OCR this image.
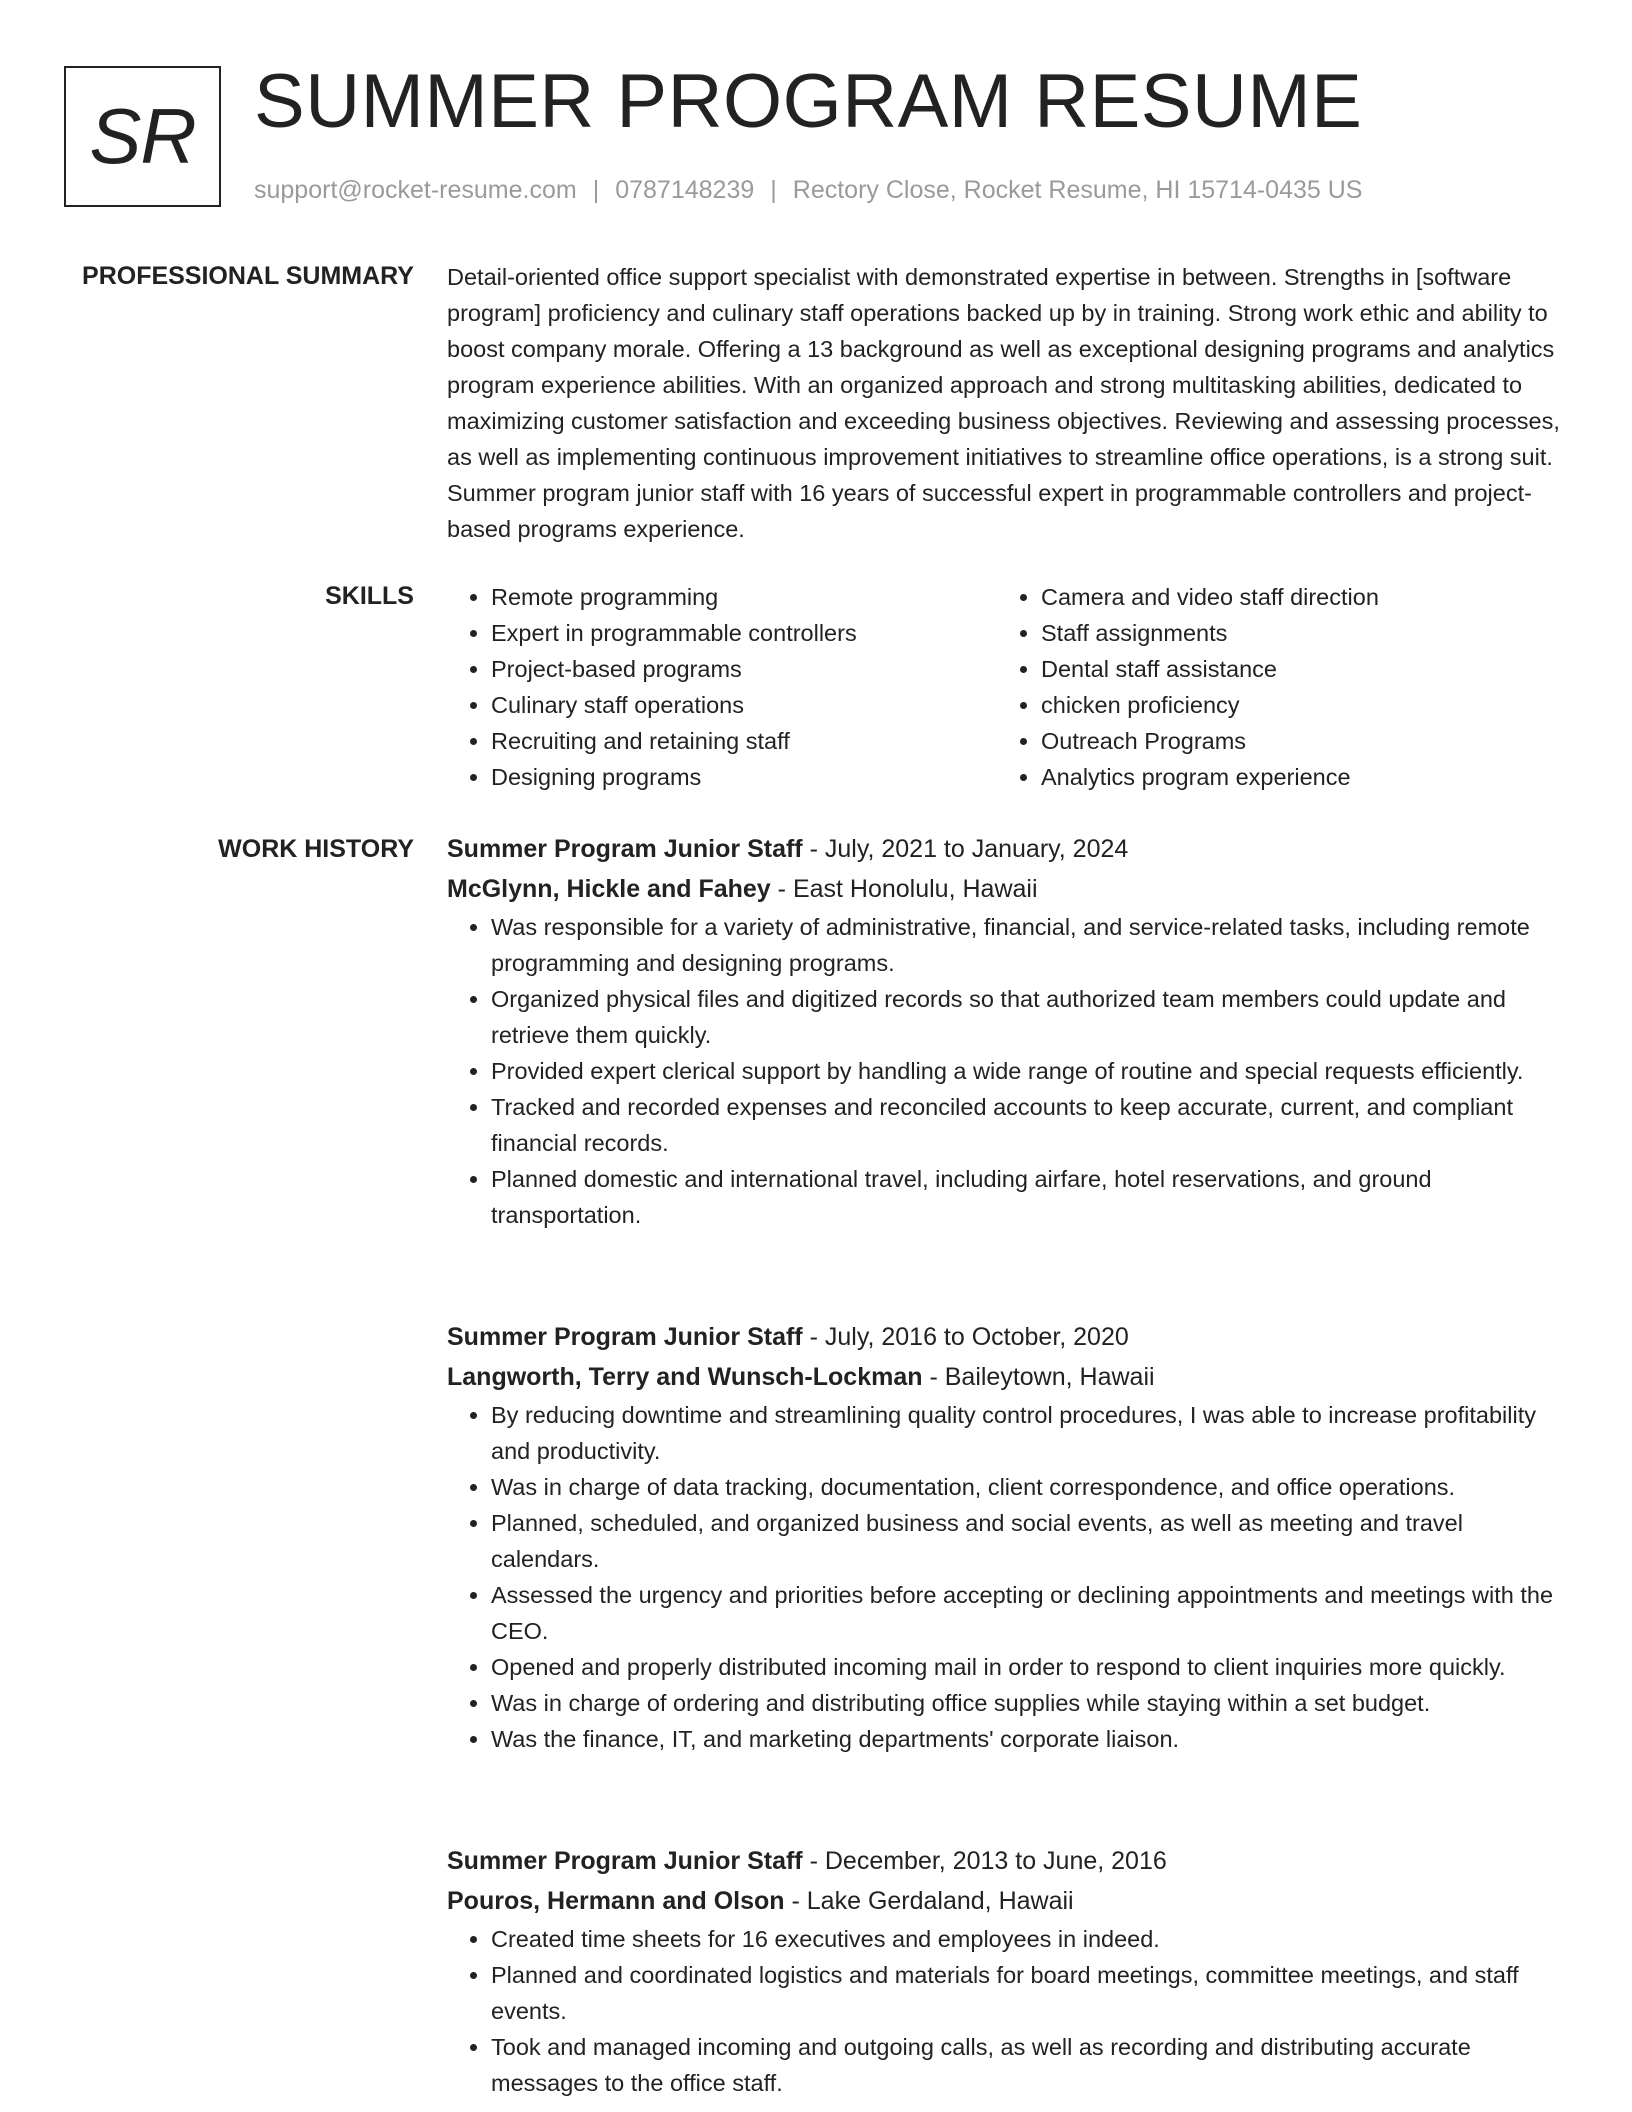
SR SUMMER PROGRAM RESUME
support@rocket-resume.com | 0787148239 | Rectory Close, Rocket Resume, HI 15714-0435 US
PROFESSIONAL SUMMARY Detail-oriented office support specialist with demonstrated expertise in between. Strengths in [software program] proficiency and culinary staff operations backed up by in training. Strong work ethic and ability to boost company morale. Offering a 13 background as well as exceptional designing programs and analytics program experience abilities. With an organized approach and strong multitasking abilities, dedicated to maximizing customer satisfaction and exceeding business objectives. Reviewing and assessing processes, as well as implementing continuous improvement initiatives to streamline office operations, is a strong suit. Summer program junior staff with 16 years of successful expert in programmable controllers and project-based programs experience.

SKILLS
•	Remote programming
• Expert in programmable controllers
• Project-based programs
• Culinary staff operations
• Recruiting and retaining staff
• Designing programs
• Camera and video staff direction
• Staff assignments
• Dental staff assistance
• chicken proficiency
• Outreach Programs
• Analytics program experience
WORK HISTORY Summer Program Junior Staff - July, 2021 to January, 2024
McGlynn, Hickle and Fahey - East Honolulu, Hawaii
• Was responsible for a variety of administrative, financial, and service-related tasks, including remote programming and designing programs.
• Organized physical files and digitized records so that authorized team members could update and retrieve them quickly.
• Provided expert clerical support by handling a wide range of routine and special requests efficiently.
• Tracked and recorded expenses and reconciled accounts to keep accurate, current, and compliant financial records.
• Planned domestic and international travel, including airfare, hotel reservations, and ground transportation.
Summer Program Junior Staff - July, 2016 to October, 2020
Langworth, Terry and Wunsch-Lockman - Baileytown, Hawaii
• By reducing downtime and streamlining quality control procedures, I was able to increase profitability and productivity.
• Was in charge of data tracking, documentation, client correspondence, and office operations.
• Planned, scheduled, and organized business and social events, as well as meeting and travel calendars.
• Assessed the urgency and priorities before accepting or declining appointments and meetings with the CEO.
• Opened and properly distributed incoming mail in order to respond to client inquiries more quickly.
• Was in charge of ordering and distributing office supplies while staying within a set budget.
• Was the finance, IT, and marketing departments' corporate liaison.
Summer Program Junior Staff - December, 2013 to June, 2016
Pouros, Hermann and Olson - Lake Gerdaland, Hawaii
• Created time sheets for 16 executives and employees in indeed.
• Planned and coordinated logistics and materials for board meetings, committee meetings, and staff events.
• Took and managed incoming and outgoing calls, as well as recording and distributing accurate messages to the office staff.
